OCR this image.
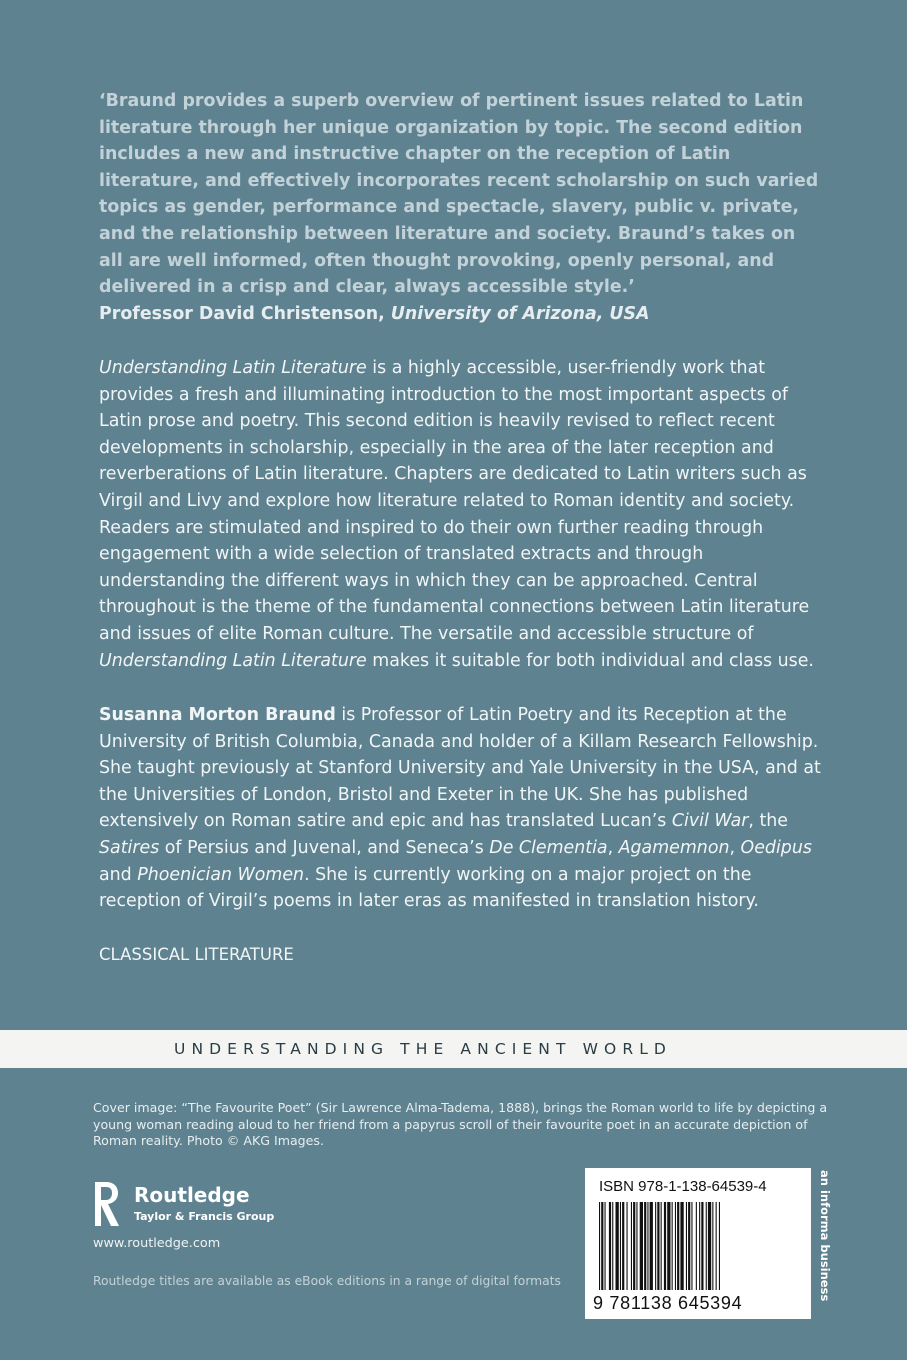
‘Braund provides a superb overview of pertinent issues related to Latin literature through her unique organization by topic. The second edition includes a new and instructive chapter on the reception of Latin literature, and effectively incorporates recent scholarship on such varied topics as gender, performance and spectacle, slavery, public v. private, and the relationship between literature and society. Braund’s takes on all are well informed, often thought provoking, openly personal, and delivered in a crisp and clear, always accessible style.’
Professor David Christenson, University of Arizona, USA
Understanding Latin Literature is a highly accessible, user-friendly work that provides a fresh and illuminating introduction to the most important aspects of Latin prose and poetry. This second edition is heavily revised to reflect recent developments in scholarship, especially in the area of the later reception and reverberations of Latin literature. Chapters are dedicated to Latin writers such as Virgil and Livy and explore how literature related to Roman identity and society. Readers are stimulated and inspired to do their own further reading through engagement with a wide selection of translated extracts and through understanding the different ways in which they can be approached. Central throughout is the theme of the fundamental connections between Latin literature and issues of elite Roman culture. The versatile and accessible structure of Understanding Latin Literature makes it suitable for both individual and class use.
Susanna Morton Braund is Professor of Latin Poetry and its Reception at the University of British Columbia, Canada and holder of a Killam Research Fellowship. She taught previously at Stanford University and Yale University in the USA, and at the Universities of London, Bristol and Exeter in the UK. She has published extensively on Roman satire and epic and has translated Lucan’s Civil War, the Satires of Persius and Juvenal, and Seneca’s De Clementia, Agamemnon, Oedipus and Phoenician Women. She is currently working on a major project on the reception of Virgil’s poems in later eras as manifested in translation history.
CLASSICAL LITERATURE
UNDERSTANDING THE ANCIENT WORLD
Cover image: “The Favourite Poet” (Sir Lawrence Alma-Tadema, 1888), brings the Roman world to life by depicting a young woman reading aloud to her friend from a papyrus scroll of their favourite poet in an accurate depiction of Roman reality. Photo © AKG Images.
Routledge
Taylor & Francis Group
www.routledge.com
Routledge titles are available as eBook editions in a range of digital formats
ISBN 978-1-138-64539-4
9 781138 645394
an informa business
